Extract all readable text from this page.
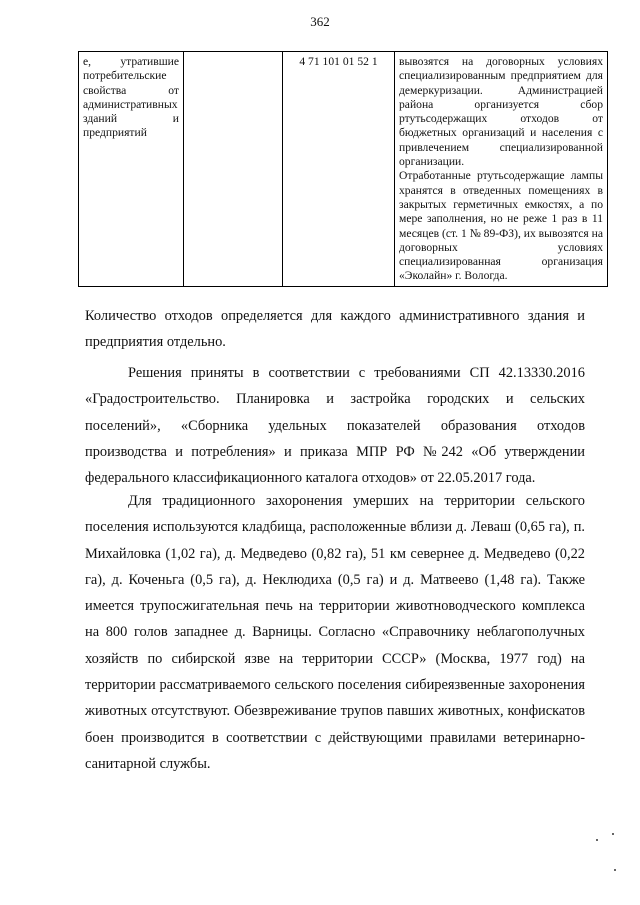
362
е, утратившие потребительские свойства от административных зданий и предприятий		4 71 101 01 52 1	вывозятся на договорных условиях специализированным предприятием для демеркуризации. Администрацией района организуется сбор ртутьсодержащих отходов от бюджетных организаций и населения с привлечением специализированной организации.

Отработанные ртутьсодержащие лампы хранятся в отведенных помещениях в закрытых герметичных емкостях, а по мере заполнения, но не реже 1 раз в 11 месяцев (ст. 1 № 89-ФЗ), их вывозятся на договорных условиях специализированная организация «Эколайн» г. Вологда.

Количество отходов определяется для каждого административного здания и предприятия отдельно.

Решения приняты в соответствии с требованиями СП 42.13330.2016 «Градостроительство. Планировка и застройка городских и сельских поселений», «Сборника удельных показателей образования отходов производства и потребления» и приказа МПР РФ №242 «Об утверждении федерального классификационного каталога отходов» от 22.05.2017 года.

Для традиционного захоронения умерших на территории сельского поселения используются кладбища, расположенные вблизи д. Леваш (0,65 га), п. Михайловка (1,02 га), д. Медведево (0,82 га), 51 км севернее д. Медведево (0,22 га), д. Коченьга (0,5 га), д. Неклюдиха (0,5 га) и д. Матвеево (1,48 га). Также имеется трупосжигательная печь на территории животноводческого комплекса на 800 голов западнее д. Варницы. Согласно «Справочнику неблагополучных хозяйств по сибирской язве на территории СССР» (Москва, 1977 год) на территории рассматриваемого сельского поселения сибиреязвенные захоронения животных отсутствуют. Обезвреживание трупов павших животных, конфискатов боен производится в соответствии с действующими правилами ветеринарно-санитарной службы.
